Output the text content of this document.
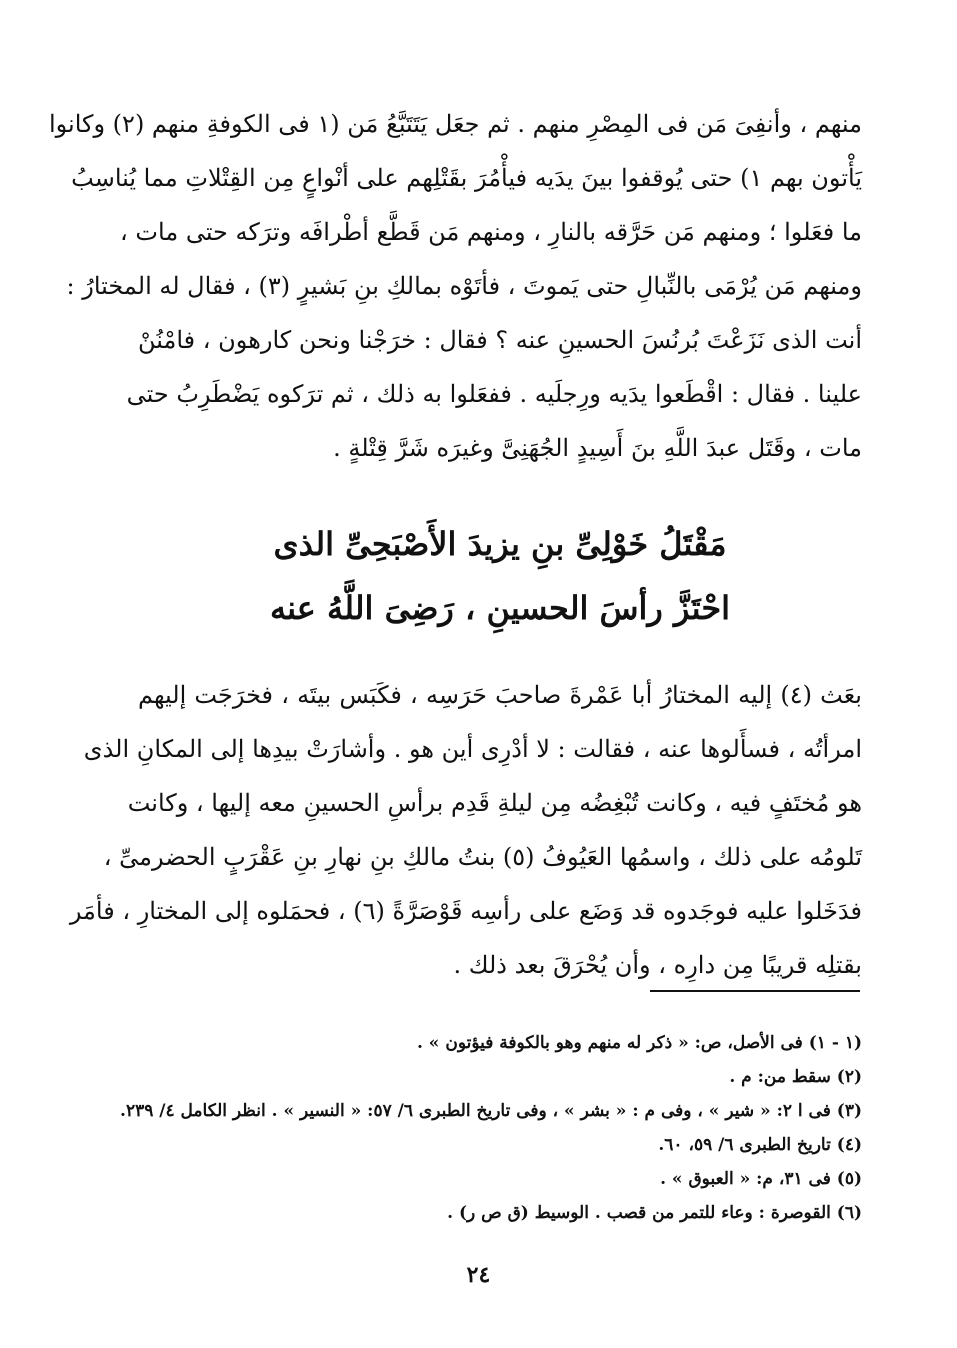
منهم ، وأنفِىَ مَن فى المِصْرِ منهم . ثم جعَل يَتَتَبَّعُ مَن (١ فى الكوفةِ منهم (٢) وكانوا
يَأْتون بهم ١) حتى يُوقفوا بينَ يدَيه فيأْمُرَ بقَتْلِهم على أنْواعٍ مِن القِتْلاتِ مما يُناسِبُ
ما فعَلوا ؛ ومنهم مَن حَرَّقه بالنارِ ، ومنهم مَن قَطَّع أطْرافَه وترَكه حتى مات ،
ومنهم مَن يُرْمَى بالنِّبالِ حتى يَموتَ ، فأتَوْه بمالكِ بنِ بَشيرٍ (٣) ، فقال له المختارُ :
أنت الذى نَزَعْتَ بُرنُسَ الحسينِ عنه ؟ فقال : خرَجْنا ونحن كارهون ، فامْنُنْ
علينا . فقال : اقْطَعوا يدَيه ورِجلَيه . ففعَلوا به ذلك ، ثم ترَكوه يَضْطَرِبُ حتى
مات ، وقَتَل عبدَ اللَّهِ بنَ أَسِيدٍ الجُهَنِىَّ وغيرَه شَرَّ قِتْلةٍ .
مَقْتَلُ خَوْلِىِّ بنِ يزيدَ الأَصْبَحِىِّ الذى
احْتَزَّ رأسَ الحسينِ ، رَضِىَ اللَّهُ عنه
بعَث (٤) إليه المختارُ أبا عَمْرةَ صاحبَ حَرَسِه ، فكَبَس بيتَه ، فخرَجَت إليهم
امرأتُه ، فسأَلوها عنه ، فقالت : لا أدْرِى أين هو . وأشارَتْ بيدِها إلى المكانِ الذى
هو مُختَفٍ فيه ، وكانت تُبْغِضُه مِن ليلةِ قَدِم برأسِ الحسينِ معه إليها ، وكانت
تَلومُه على ذلك ، واسمُها العَيُوفُ (٥) بنتُ مالكِ بنِ نهارِ بنِ عَقْرَبٍ الحضرمىِّ ،
فدَخَلوا عليه فوجَدوه قد وَضَع على رأسِه قَوْصَرَّةً (٦) ، فحمَلوه إلى المختارِ ، فأمَر
بقتلِه قريبًا مِن دارِه ، وأن يُحْرَقَ بعد ذلك .
(١ - ١) فى الأصل، ص: « ذكر له منهم وهو بالكوفة فيؤتون » .
(٢) سقط من: م .
(٣) فى ا ٢: « شير » ، وفى م : « بشر » ، وفى تاريخ الطبرى ٦/ ٥٧: « النسير » . انظر الكامل ٤/ ٢٣٩.
(٤) تاريخ الطبرى ٦/ ٥٩، ٦٠.
(٥) فى ٣١، م: « العبوق » .
(٦) القوصرة : وعاء للتمر من قصب . الوسيط (ق ص ر) .
٢٤
